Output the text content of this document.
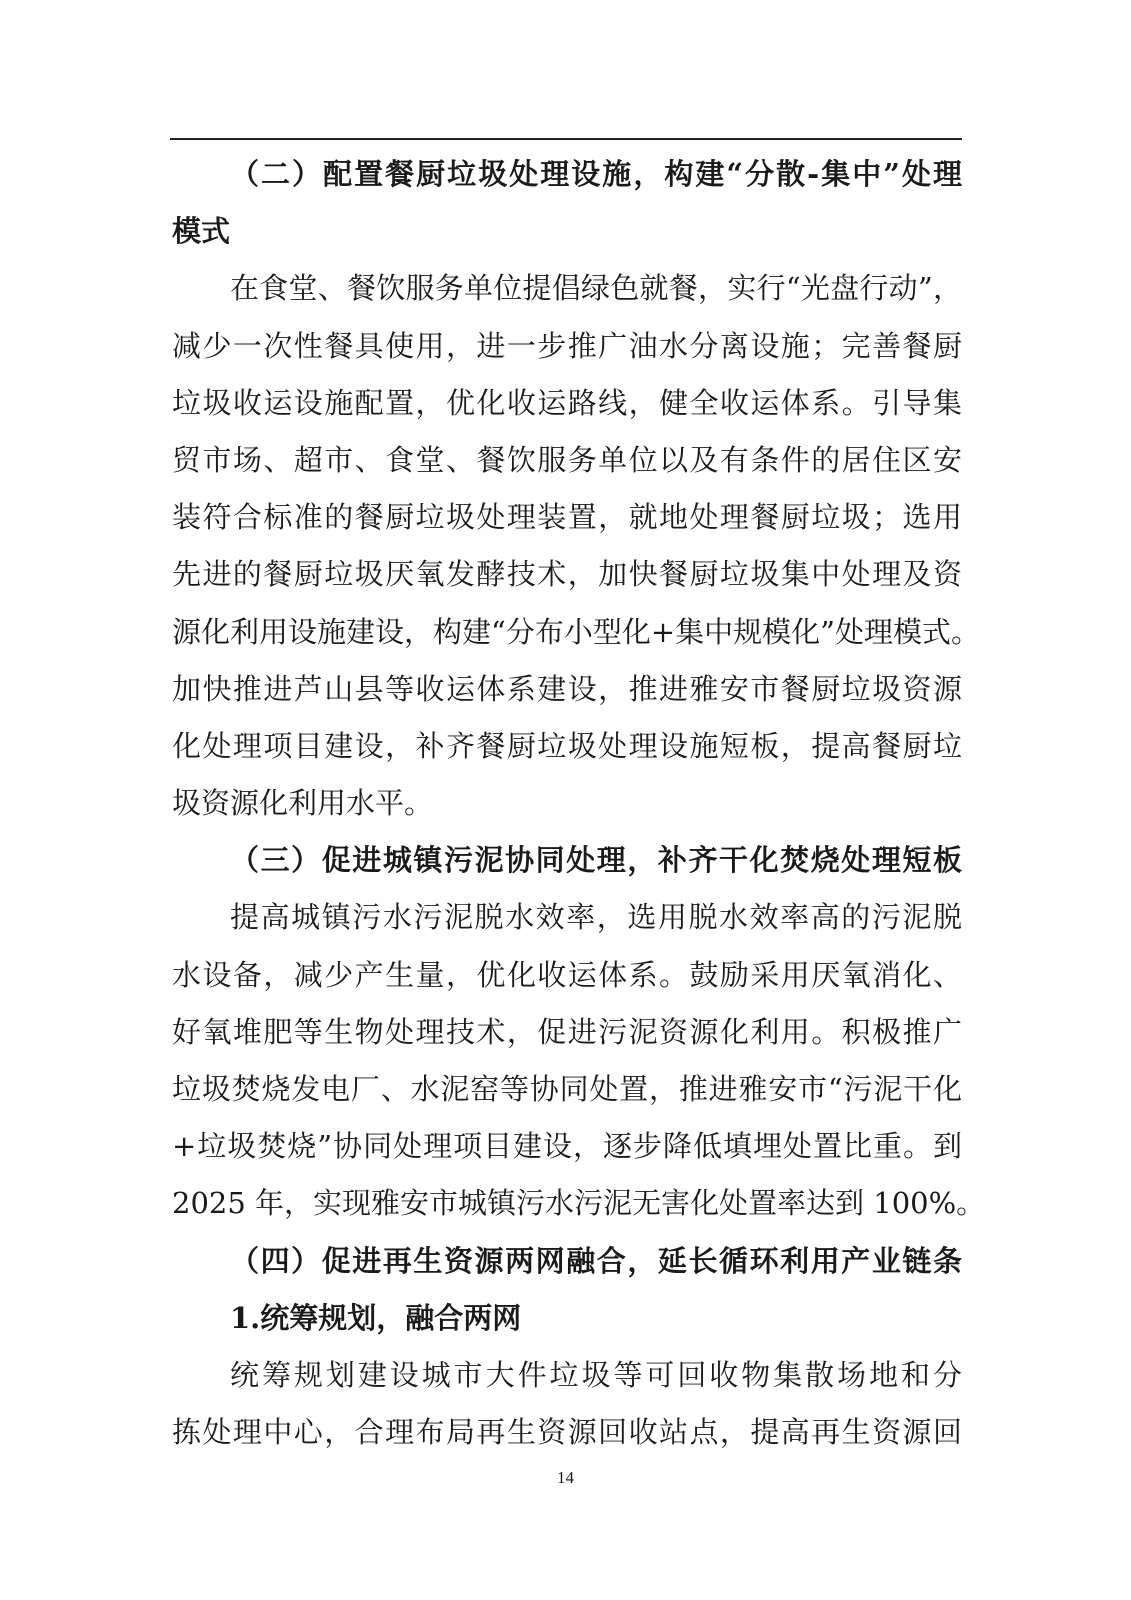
（二）配置餐厨垃圾处理设施，构建“分散-集中”处理
模式
在食堂、餐饮服务单位提倡绿色就餐，实行“光盘行动”，
减少一次性餐具使用，进一步推广油水分离设施；完善餐厨
垃圾收运设施配置，优化收运路线，健全收运体系。引导集
贸市场、超市、食堂、餐饮服务单位以及有条件的居住区安
装符合标准的餐厨垃圾处理装置，就地处理餐厨垃圾；选用
先进的餐厨垃圾厌氧发酵技术，加快餐厨垃圾集中处理及资
源化利用设施建设，构建“分布小型化+集中规模化”处理模式。
加快推进芦山县等收运体系建设，推进雅安市餐厨垃圾资源
化处理项目建设，补齐餐厨垃圾处理设施短板，提高餐厨垃
圾资源化利用水平。
（三）促进城镇污泥协同处理，补齐干化焚烧处理短板
提高城镇污水污泥脱水效率，选用脱水效率高的污泥脱
水设备，减少产生量，优化收运体系。鼓励采用厌氧消化、
好氧堆肥等生物处理技术，促进污泥资源化利用。积极推广
垃圾焚烧发电厂、水泥窑等协同处置，推进雅安市“污泥干化
+垃圾焚烧”协同处理项目建设，逐步降低填埋处置比重。到
2025 年，实现雅安市城镇污水污泥无害化处置率达到 100%。
（四）促进再生资源两网融合，延长循环利用产业链条
1.统筹规划，融合两网
统筹规划建设城市大件垃圾等可回收物集散场地和分
拣处理中心，合理布局再生资源回收站点，提高再生资源回
14
